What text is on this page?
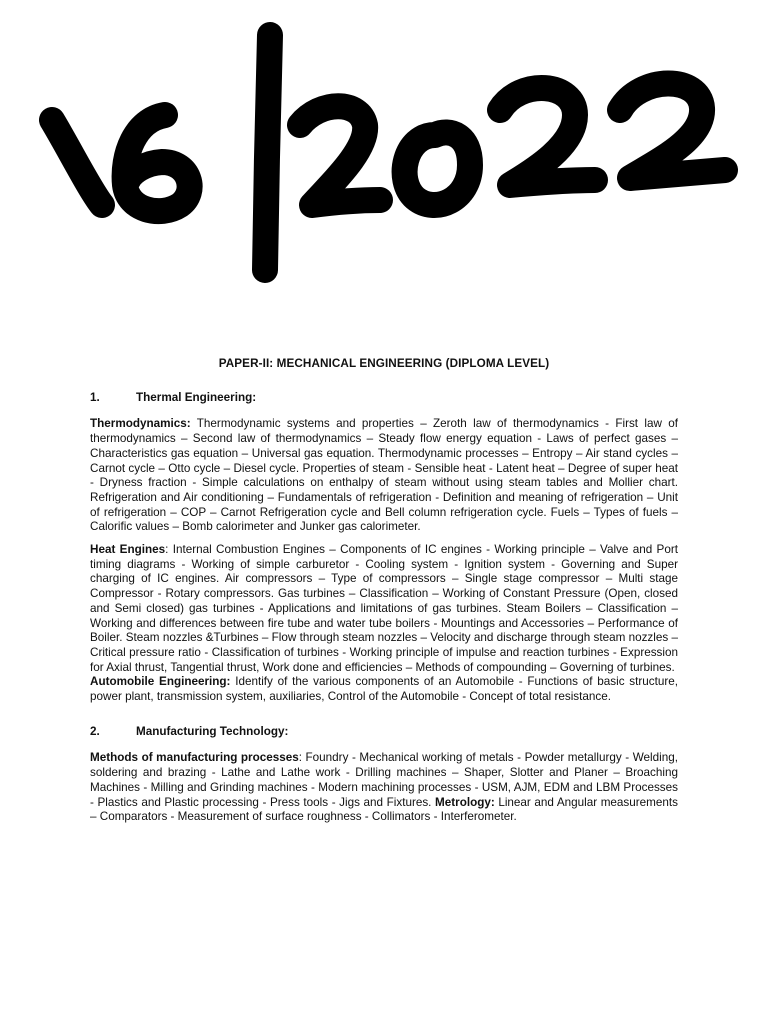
PAPER-II: MECHANICAL ENGINEERING (DIPLOMA LEVEL)
1.	Thermal Engineering:

Thermodynamics: Thermodynamic systems and properties – Zeroth law of thermodynamics - First law of thermodynamics – Second law of thermodynamics – Steady flow energy equation - Laws of perfect gases – Characteristics gas equation – Universal gas equation. Thermodynamic processes – Entropy – Air stand cycles – Carnot cycle – Otto cycle – Diesel cycle. Properties of steam - Sensible heat - Latent heat – Degree of super heat - Dryness fraction - Simple calculations on enthalpy of steam without using steam tables and Mollier chart. Refrigeration and Air conditioning – Fundamentals of refrigeration - Definition and meaning of refrigeration – Unit of refrigeration – COP – Carnot Refrigeration cycle and Bell column refrigeration cycle. Fuels – Types of fuels – Calorific values – Bomb calorimeter and Junker gas calorimeter.

Heat Engines: Internal Combustion Engines – Components of IC engines - Working principle – Valve and Port timing diagrams - Working of simple carburetor - Cooling system - Ignition system - Governing and Super charging of IC engines. Air compressors – Type of compressors – Single stage compressor – Multi stage Compressor - Rotary compressors. Gas turbines – Classification – Working of Constant Pressure (Open, closed and Semi closed) gas turbines - Applications and limitations of gas turbines. Steam Boilers – Classification – Working and differences between fire tube and water tube boilers - Mountings and Accessories – Performance of Boiler. Steam nozzles &Turbines – Flow through steam nozzles – Velocity and discharge through steam nozzles – Critical pressure ratio - Classification of turbines - Working principle of impulse and reaction turbines - Expression for Axial thrust, Tangential thrust, Work done and efficiencies – Methods of compounding – Governing of turbines.

Automobile Engineering: Identify of the various components of an Automobile - Functions of basic structure, power plant, transmission system, auxiliaries, Control of the Automobile - Concept of total resistance.

2.	Manufacturing Technology:

Methods of manufacturing processes: Foundry - Mechanical working of metals - Powder metallurgy - Welding, soldering and brazing - Lathe and Lathe work - Drilling machines – Shaper, Slotter and Planer – Broaching Machines - Milling and Grinding machines - Modern machining processes - USM, AJM, EDM and LBM Processes - Plastics and Plastic processing - Press tools - Jigs and Fixtures. Metrology: Linear and Angular measurements – Comparators - Measurement of surface roughness - Collimators - Interferometer.
